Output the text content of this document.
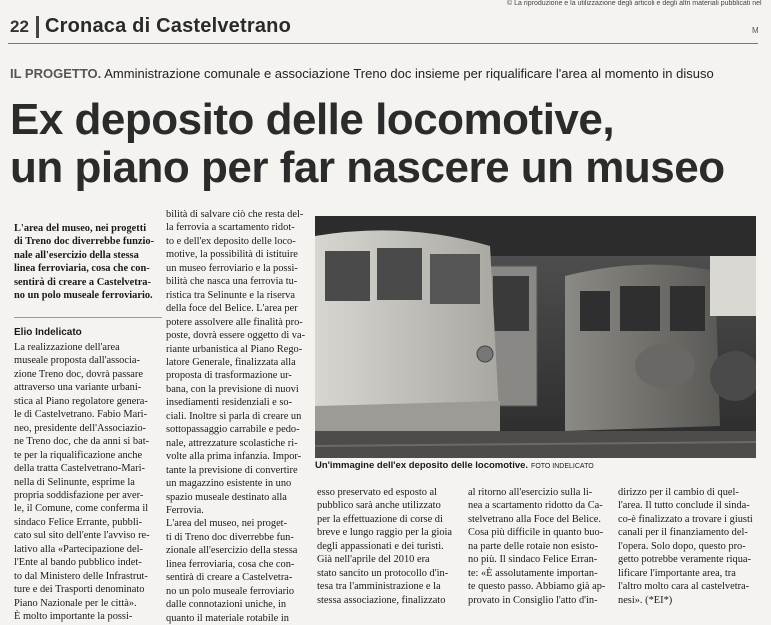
22 Cronaca di Castelvetrano
© La riproduzione e la utilizzazione degli articoli e degli altri materiali pubblicati nel
M
IL PROGETTO. Amministrazione comunale e associazione Treno doc insieme per riqualificare l'area al momento in disuso
Ex deposito delle locomotive,
un piano per far nascere un museo
L'area del museo, nei progetti
di Treno doc diverrebbe funzio-
nale all'esercizio della stessa
linea ferroviaria, cosa che con-
sentirà di creare a Castelvetra-
no un polo museale ferroviario.
Elio Indelicato
La realizzazione dell'area
museale proposta dall'associa-
zione Treno doc, dovrà passare
attraverso una variante urbani-
stica al Piano regolatore genera-
le di Castelvetrano. Fabio Mari-
neo, presidente dell'Associazio-
ne Treno doc, che da anni si bat-
te per la riqualificazione anche
della tratta Castelvetrano-Mari-
nella di Selinunte, esprime la
propria soddisfazione per aver-
le, il Comune, come conferma il
sindaco Felice Errante, pubbli-
cato sul sito dell'ente l'avviso re-
lativo alla «Partecipazione del-
l'Ente al bando pubblico indet-
to dal Ministero delle Infrastrut-
ture e dei Trasporti denominato
Piano Nazionale per le città».
È molto importante la possi-
bilità di salvare ciò che resta del-
la ferrovia a scartamento ridot-
to e dell'ex deposito delle loco-
motive, la possibilità di istituire
un museo ferroviario e la possi-
bilità che nasca una ferrovia tu-
ristica tra Selinunte e la riserva
della foce del Belice. L'area per
potere assolvere alle finalità pro-
poste, dovrà essere oggetto di va-
riante urbanistica al Piano Rego-
latore Generale, finalizzata alla
proposta di trasformazione ur-
bana, con la previsione di nuovi
insediamenti residenziali e so-
ciali. Inoltre si parla di creare un
sottopassaggio carrabile e pedo-
nale, attrezzature scolastiche ri-
volte alla prima infanzia. Impor-
tante la previsione di convertire
un magazzino esistente in uno
spazio museale destinato alla
Ferrovia.
L'area del museo, nei proget-
ti di Treno doc diverrebbe fun-
zionale all'esercizio della stessa
linea ferroviaria, cosa che con-
sentirà di creare a Castelvetra-
no un polo museale ferroviario
dalle connotazioni uniche, in
quanto il materiale rotabile in
esso preservato ed esposto al
pubblico sarà anche utilizzato
per la effettuazione di corse di
breve e lungo raggio per la gioia
degli appassionati e dei turisti.
Già nell'aprile del 2010 era
stato sancito un protocollo d'in-
tesa tra l'amministrazione e la
stessa associazione, finalizzato
al ritorno all'esercizio sulla li-
nea a scartamento ridotto da Ca-
stelvetrano alla Foce del Belice.
Cosa più difficile in quanto buo-
na parte delle rotaie non esisto-
no più. Il sindaco Felice Erran-
te: «È assolutamente importan-
te questo passo. Abbiamo già ap-
provato in Consiglio l'atto d'in-
dirizzo per il cambio di quel-
l'area. Il tutto conclude il sinda-
co-è finalizzato a trovare i giusti
canali per il finanziamento del-
l'opera. Solo dopo, questo pro-
getto potrebbe veramente riqua-
lificare l'importante area, tra
l'altro molto cara al castelvetra-
nesi». (*EI*)
Un'immagine dell'ex deposito delle locomotive. FOTO INDELICATO
